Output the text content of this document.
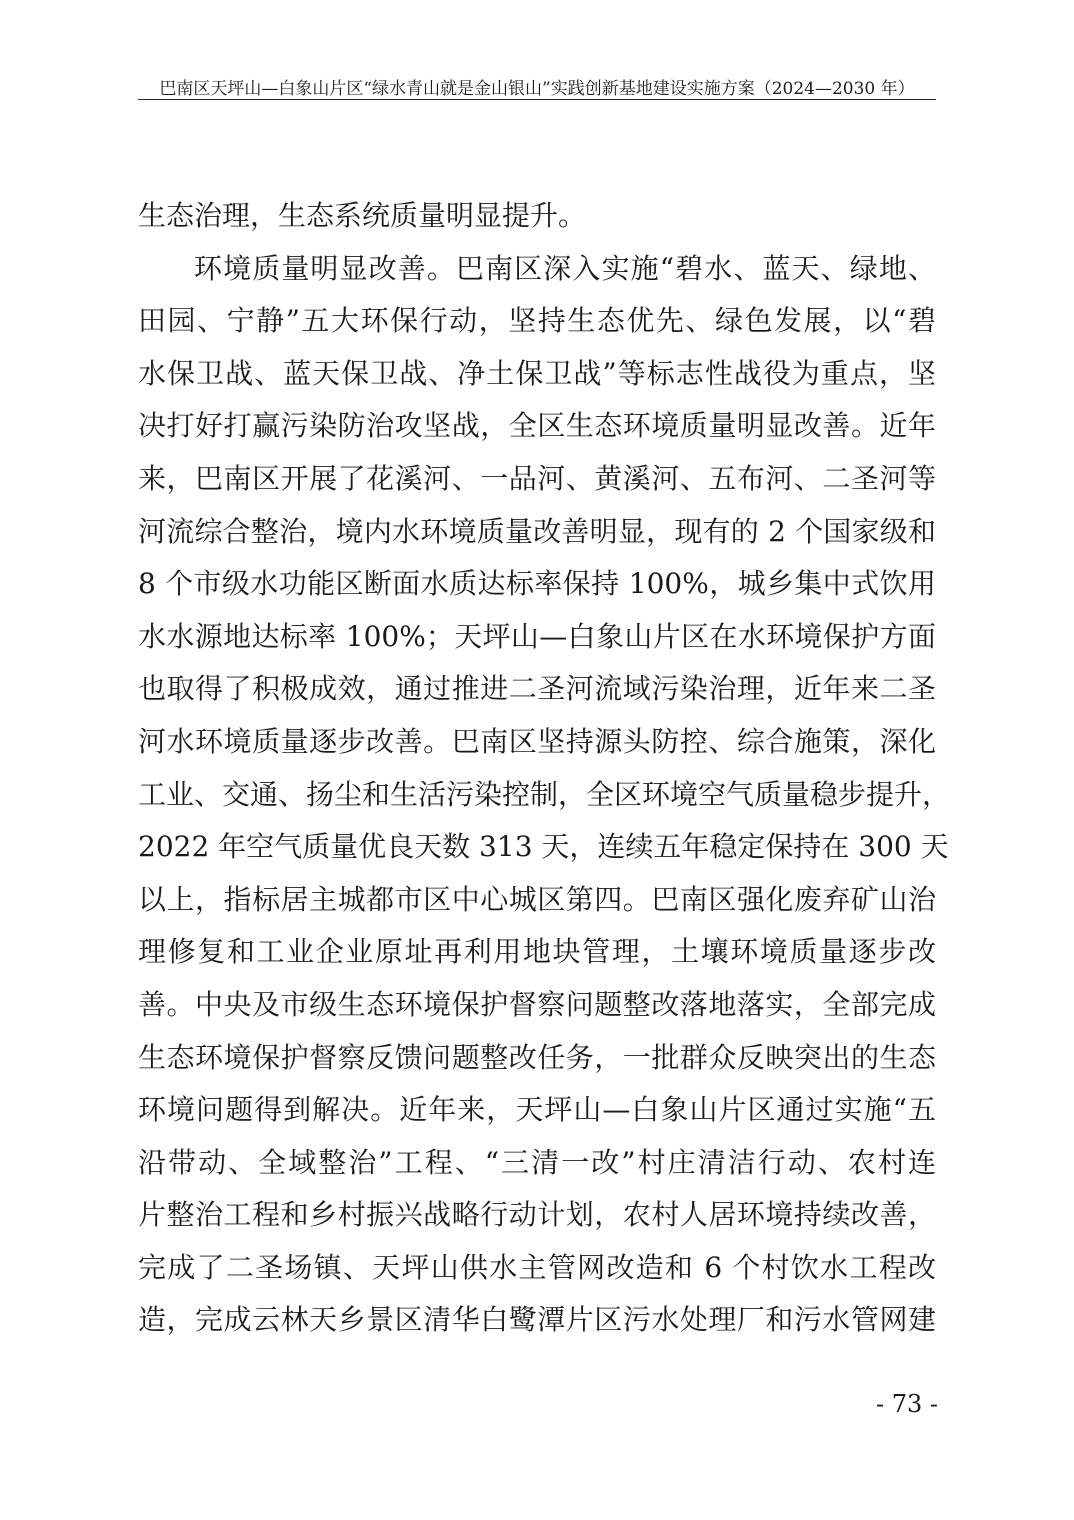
巴南区天坪山—白象山片区“绿水青山就是金山银山”实践创新基地建设实施方案（2024—2030 年）
生态治理，生态系统质量明显提升。
环境质量明显改善。巴南区深入实施“碧水、蓝天、绿地、
田园、宁静”五大环保行动，坚持生态优先、绿色发展，以“碧
水保卫战、蓝天保卫战、净土保卫战”等标志性战役为重点，坚
决打好打赢污染防治攻坚战，全区生态环境质量明显改善。近年
来，巴南区开展了花溪河、一品河、黄溪河、五布河、二圣河等
河流综合整治，境内水环境质量改善明显，现有的 2 个国家级和
8 个市级水功能区断面水质达标率保持 100%，城乡集中式饮用
水水源地达标率 100%；天坪山—白象山片区在水环境保护方面
也取得了积极成效，通过推进二圣河流域污染治理，近年来二圣
河水环境质量逐步改善。巴南区坚持源头防控、综合施策，深化
工业、交通、扬尘和生活污染控制，全区环境空气质量稳步提升，
2022 年空气质量优良天数 313 天，连续五年稳定保持在 300 天
以上，指标居主城都市区中心城区第四。巴南区强化废弃矿山治
理修复和工业企业原址再利用地块管理，土壤环境质量逐步改
善。中央及市级生态环境保护督察问题整改落地落实，全部完成
生态环境保护督察反馈问题整改任务，一批群众反映突出的生态
环境问题得到解决。近年来，天坪山—白象山片区通过实施“五
沿带动、全域整治”工程、“三清一改”村庄清洁行动、农村连
片整治工程和乡村振兴战略行动计划，农村人居环境持续改善，
完成了二圣场镇、天坪山供水主管网改造和 6 个村饮水工程改
造，完成云林天乡景区清华白鹭潭片区污水处理厂和污水管网建
- 73 -
